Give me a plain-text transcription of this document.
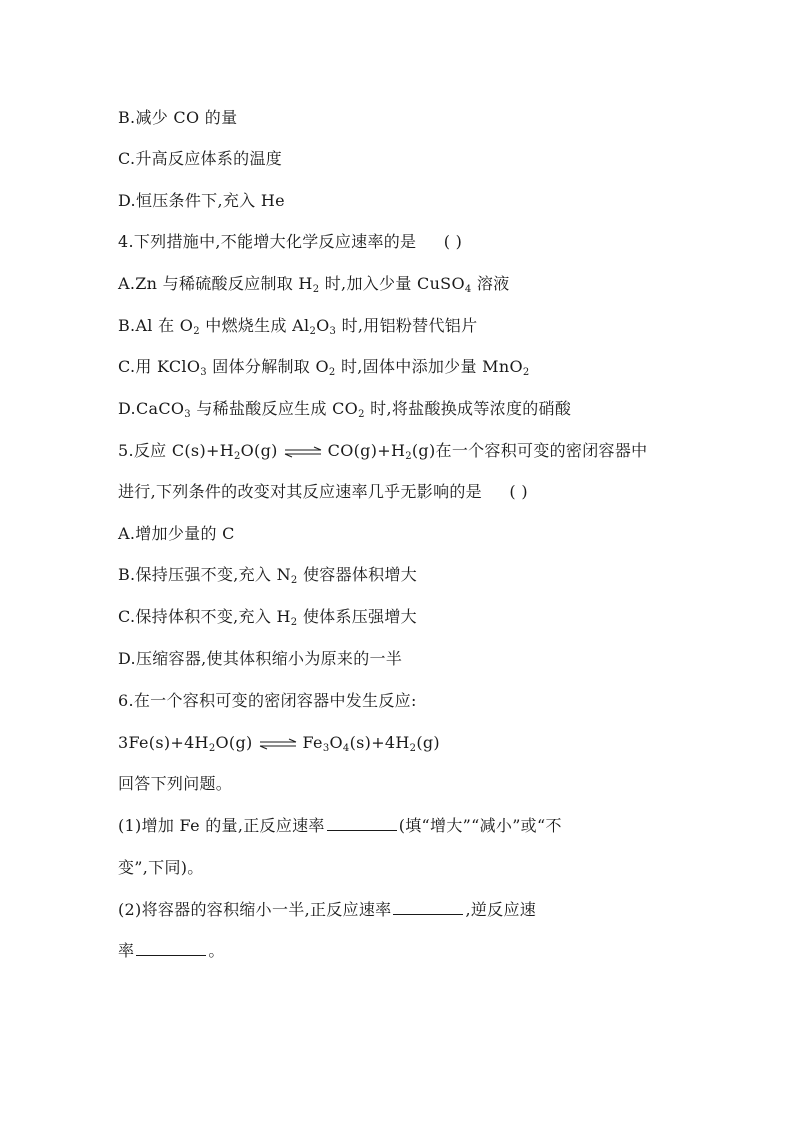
B.减少 CO 的量
C.升高反应体系的温度
D.恒压条件下,充入 He
4.下列措施中,不能增大化学反应速率的是 ( )
A.Zn 与稀硫酸反应制取 $H_2$ 时,加入少量 CuSO$_4$ 溶液
B.Al 在 $O_2$ 中燃烧生成 $Al_2O_3$ 时,用铝粉替代铝片
C.用 KClO$_3$ 固体分解制取 $O_2$ 时,固体中添加少量 MnO$_2$
D.CaCO$_3$ 与稀盐酸反应生成 $CO_2$ 时,将盐酸换成等浓度的硝酸
5.反应 $C(s)+H_2O(g)$ ⇌ $CO(g)+H_2(g)$在一个容积可变的密闭容器中
进行,下列条件的改变对其反应速率几乎无影响的是 ( )
A.增加少量的 C
B.保持压强不变,充入 $N_2$ 使容器体积增大
C.保持体积不变,充入 $H_2$ 使体系压强增大
D.压缩容器,使其体积缩小为原来的一半
6.在一个容积可变的密闭容器中发生反应:
$3Fe(s)+4H_2O(g)$ ⇌ $Fe_3O_4(s)+4H_2(g)$
回答下列问题。
(1)增加 Fe 的量,正反应速率	(填“增大”“减小”或“不
变”,下同)。
(2)将容器的容积缩小一半,正反应速率	,逆反应速
率	。
